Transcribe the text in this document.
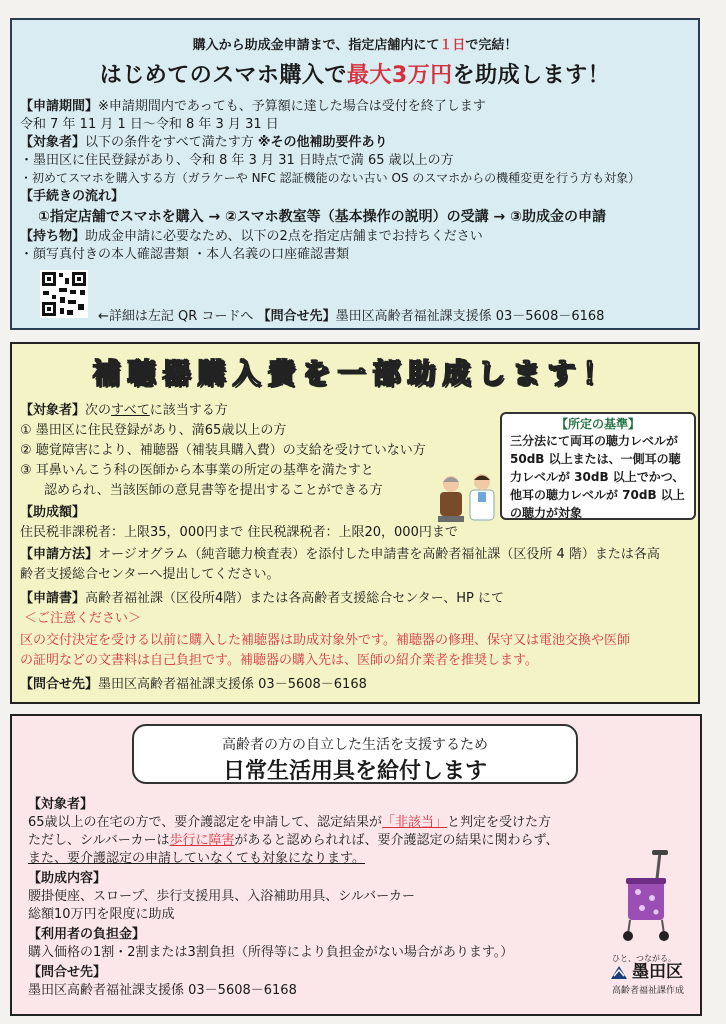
購入から助成金申請まで、指定店舗内にて１日で完結！
はじめてのスマホ購入で最大3万円を助成します！
【申請期間】※申請期間内であっても、予算額に達した場合は受付を終了します
令和 7 年 11 月 1 日～令和 8 年 3 月 31 日
【対象者】以下の条件をすべて満たす方 ※その他補助要件あり
・墨田区に住民登録があり、令和 8 年 3 月 31 日時点で満 65 歳以上の方
・初めてスマホを購入する方（ガラケーや NFC 認証機能のない古い OS のスマホからの機種変更を行う方も対象）
【手続きの流れ】
①指定店舗でスマホを購入 → ②スマホ教室等（基本操作の説明）の受講 → ③助成金の申請
【持ち物】助成金申請に必要なため、以下の2点を指定店舗までお持ちください
・顔写真付きの本人確認書類 ・本人名義の口座確認書類
←詳細は左記 QR コードへ 【問合せ先】墨田区高齢者福祉課支援係 03－5608－6168
補聴器購入費を一部助成します！
【対象者】次のすべてに該当する方
① 墨田区に住民登録があり、満65歳以上の方
② 聴覚障害により、補聴器（補装具購入費）の支給を受けていない方
③ 耳鼻いんこう科の医師から本事業の所定の基準を満たすと
認められ、当該医師の意見書等を提出することができる方
【所定の基準】
三分法にて両耳の聴力レベルが 50dB 以上または、一側耳の聴力レベルが 30dB 以上でかつ、他耳の聴力レベルが 70dB 以上の聴力が対象
【助成額】
住民税非課税者：上限35，000円まで 住民税課税者：上限20，000円まで
【申請方法】オージオグラム（純音聴力検査表）を添付した申請書を高齢者福祉課（区役所 4 階）または各高
齢者支援総合センターへ提出してください。
【申請書】高齢者福祉課（区役所4階）または各高齢者支援総合センター、HP にて
＜ご注意ください＞
区の交付決定を受ける以前に購入した補聴器は助成対象外です。補聴器の修理、保守又は電池交換や医師
の証明などの文書料は自己負担です。補聴器の購入先は、医師の紹介業者を推奨します。
【問合せ先】墨田区高齢者福祉課支援係 03－5608－6168
高齢者の方の自立した生活を支援するため
日常生活用具を給付します
【対象者】
65歳以上の在宅の方で、要介護認定を申請して、認定結果が「非該当」と判定を受けた方
ただし、シルバーカーは歩行に障害があると認められれば、要介護認定の結果に関わらず、
また、要介護認定の申請していなくても対象になります。
【助成内容】
腰掛便座、スロープ、歩行支援用具、入浴補助用具、シルバーカー
総額10万円を限度に助成
【利用者の負担金】
購入価格の1割・2割または3割負担（所得等により負担金がない場合があります。）
【問合せ先】
墨田区高齢者福祉課支援係 03－5608－6168
ひと、つながる。
墨田区
高齢者福祉課作成
